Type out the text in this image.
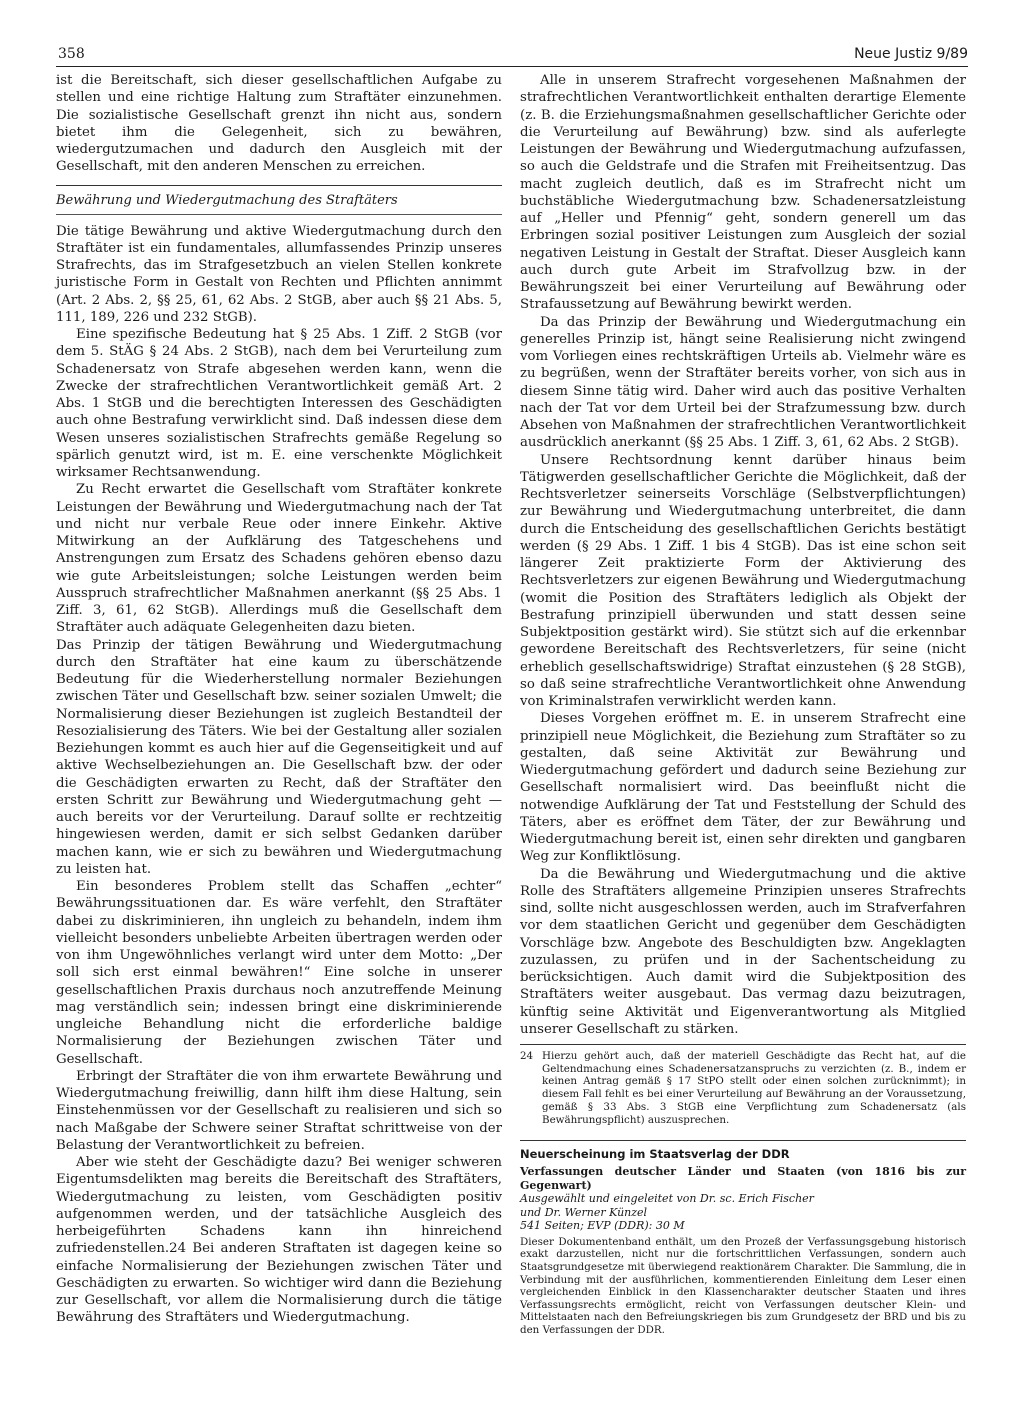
358	Neue Justiz 9/89

ist die Bereitschaft, sich dieser gesellschaftlichen Aufgabe zu stellen und eine richtige Haltung zum Straftäter einzunehmen. Die sozialistische Gesellschaft grenzt ihn nicht aus, sondern bietet ihm die Gelegenheit, sich zu bewähren, wiedergutzumachen und dadurch den Ausgleich mit der Gesellschaft, mit den anderen Menschen zu erreichen.

Bewährung und Wiedergutmachung des Straftäters

Die tätige Bewährung und aktive Wiedergutmachung durch den Straftäter ist ein fundamentales, allumfassendes Prinzip unseres Strafrechts, das im Strafgesetzbuch an vielen Stellen konkrete juristische Form in Gestalt von Rechten und Pflichten annimmt (Art. 2 Abs. 2, §§ 25, 61, 62 Abs. 2 StGB, aber auch §§ 21 Abs. 5, 111, 189, 226 und 232 StGB).

Eine spezifische Bedeutung hat § 25 Abs. 1 Ziff. 2 StGB (vor dem 5. StÄG § 24 Abs. 2 StGB), nach dem bei Verurteilung zum Schadenersatz von Strafe abgesehen werden kann, wenn die Zwecke der strafrechtlichen Verantwortlichkeit gemäß Art. 2 Abs. 1 StGB und die berechtigten Interessen des Geschädigten auch ohne Bestrafung verwirklicht sind. Daß indessen diese dem Wesen unseres sozialistischen Strafrechts gemäße Regelung so spärlich genutzt wird, ist m. E. eine verschenkte Möglichkeit wirksamer Rechtsanwendung.

Zu Recht erwartet die Gesellschaft vom Straftäter konkrete Leistungen der Bewährung und Wiedergutmachung nach der Tat und nicht nur verbale Reue oder innere Einkehr. Aktive Mitwirkung an der Aufklärung des Tatgeschehens und Anstrengungen zum Ersatz des Schadens gehören ebenso dazu wie gute Arbeitsleistungen; solche Leistungen werden beim Ausspruch strafrechtlicher Maßnahmen anerkannt (§§ 25 Abs. 1 Ziff. 3, 61, 62 StGB). Allerdings muß die Gesellschaft dem Straftäter auch adäquate Gelegenheiten dazu bieten.

Das Prinzip der tätigen Bewährung und Wiedergutmachung durch den Straftäter hat eine kaum zu überschätzende Bedeutung für die Wiederherstellung normaler Beziehungen zwischen Täter und Gesellschaft bzw. seiner sozialen Umwelt; die Normalisierung dieser Beziehungen ist zugleich Bestandteil der Resozialisierung des Täters. Wie bei der Gestaltung aller sozialen Beziehungen kommt es auch hier auf die Gegenseitigkeit und auf aktive Wechselbeziehungen an. Die Gesellschaft bzw. der oder die Geschädigten erwarten zu Recht, daß der Straftäter den ersten Schritt zur Bewährung und Wiedergutmachung geht — auch bereits vor der Verurteilung. Darauf sollte er rechtzeitig hingewiesen werden, damit er sich selbst Gedanken darüber machen kann, wie er sich zu bewähren und Wiedergutmachung zu leisten hat.

Ein besonderes Problem stellt das Schaffen „echter“ Bewährungssituationen dar. Es wäre verfehlt, den Straftäter dabei zu diskriminieren, ihn ungleich zu behandeln, indem ihm vielleicht besonders unbeliebte Arbeiten übertragen werden oder von ihm Ungewöhnliches verlangt wird unter dem Motto: „Der soll sich erst einmal bewähren!“ Eine solche in unserer gesellschaftlichen Praxis durchaus noch anzutreffende Meinung mag verständlich sein; indessen bringt eine diskriminierende ungleiche Behandlung nicht die erforderliche baldige Normalisierung der Beziehungen zwischen Täter und Gesellschaft.

Erbringt der Straftäter die von ihm erwartete Bewährung und Wiedergutmachung freiwillig, dann hilft ihm diese Haltung, sein Einstehenmüssen vor der Gesellschaft zu realisieren und sich so nach Maßgabe der Schwere seiner Straftat schrittweise von der Belastung der Verantwortlichkeit zu befreien.

Aber wie steht der Geschädigte dazu? Bei weniger schweren Eigentumsdelikten mag bereits die Bereitschaft des Straftäters, Wiedergutmachung zu leisten, vom Geschädigten positiv aufgenommen werden, und der tatsächliche Ausgleich des herbeigeführten Schadens kann ihn hinreichend zufriedenstellen.24 Bei anderen Straftaten ist dagegen keine so einfache Normalisierung der Beziehungen zwischen Täter und Geschädigten zu erwarten. So wichtiger wird dann die Beziehung zur Gesellschaft, vor allem die Normalisierung durch die tätige Bewährung des Straftäters und Wiedergutmachung.

Alle in unserem Strafrecht vorgesehenen Maßnahmen der strafrechtlichen Verantwortlichkeit enthalten derartige Elemente (z. B. die Erziehungsmaßnahmen gesellschaftlicher Gerichte oder die Verurteilung auf Bewährung) bzw. sind als auferlegte Leistungen der Bewährung und Wiedergutmachung aufzufassen, so auch die Geldstrafe und die Strafen mit Freiheitsentzug. Das macht zugleich deutlich, daß es im Strafrecht nicht um buchstäbliche Wiedergutmachung bzw. Schadenersatzleistung auf „Heller und Pfennig“ geht, sondern generell um das Erbringen sozial positiver Leistungen zum Ausgleich der sozial negativen Leistung in Gestalt der Straftat. Dieser Ausgleich kann auch durch gute Arbeit im Strafvollzug bzw. in der Bewährungszeit bei einer Verurteilung auf Bewährung oder Strafaussetzung auf Bewährung bewirkt werden.

Da das Prinzip der Bewährung und Wiedergutmachung ein generelles Prinzip ist, hängt seine Realisierung nicht zwingend vom Vorliegen eines rechtskräftigen Urteils ab. Vielmehr wäre es zu begrüßen, wenn der Straftäter bereits vorher, von sich aus in diesem Sinne tätig wird. Daher wird auch das positive Verhalten nach der Tat vor dem Urteil bei der Strafzumessung bzw. durch Absehen von Maßnahmen der strafrechtlichen Verantwortlichkeit ausdrücklich anerkannt (§§ 25 Abs. 1 Ziff. 3, 61, 62 Abs. 2 StGB).

Unsere Rechtsordnung kennt darüber hinaus beim Tätigwerden gesellschaftlicher Gerichte die Möglichkeit, daß der Rechtsverletzer seinerseits Vorschläge (Selbstverpflichtungen) zur Bewährung und Wiedergutmachung unterbreitet, die dann durch die Entscheidung des gesellschaftlichen Gerichts bestätigt werden (§ 29 Abs. 1 Ziff. 1 bis 4 StGB). Das ist eine schon seit längerer Zeit praktizierte Form der Aktivierung des Rechtsverletzers zur eigenen Bewährung und Wiedergutmachung (womit die Position des Straftäters lediglich als Objekt der Bestrafung prinzipiell überwunden und statt dessen seine Subjektposition gestärkt wird). Sie stützt sich auf die erkennbar gewordene Bereitschaft des Rechtsverletzers, für seine (nicht erheblich gesellschaftswidrige) Straftat einzustehen (§ 28 StGB), so daß seine strafrechtliche Verantwortlichkeit ohne Anwendung von Kriminalstrafen verwirklicht werden kann.

Dieses Vorgehen eröffnet m. E. in unserem Strafrecht eine prinzipiell neue Möglichkeit, die Beziehung zum Straftäter so zu gestalten, daß seine Aktivität zur Bewährung und Wiedergutmachung gefördert und dadurch seine Beziehung zur Gesellschaft normalisiert wird. Das beeinflußt nicht die notwendige Aufklärung der Tat und Feststellung der Schuld des Täters, aber es eröffnet dem Täter, der zur Bewährung und Wiedergutmachung bereit ist, einen sehr direkten und gangbaren Weg zur Konfliktlösung.

Da die Bewährung und Wiedergutmachung und die aktive Rolle des Straftäters allgemeine Prinzipien unseres Strafrechts sind, sollte nicht ausgeschlossen werden, auch im Strafverfahren vor dem staatlichen Gericht und gegenüber dem Geschädigten Vorschläge bzw. Angebote des Beschuldigten bzw. Angeklagten zuzulassen, zu prüfen und in der Sachentscheidung zu berücksichtigen. Auch damit wird die Subjektposition des Straftäters weiter ausgebaut. Das vermag dazu beizutragen, künftig seine Aktivität und Eigenverantwortung als Mitglied unserer Gesellschaft zu stärken.

24 Hierzu gehört auch, daß der materiell Geschädigte das Recht hat, auf die Geltendmachung eines Schadenersatzanspruchs zu verzichten (z. B., indem er keinen Antrag gemäß § 17 StPO stellt oder einen solchen zurücknimmt); in diesem Fall fehlt es bei einer Verurteilung auf Bewährung an der Voraussetzung, gemäß § 33 Abs. 3 StGB eine Verpflichtung zum Schadenersatz (als Bewährungspflicht) auszusprechen.
Neuerscheinung im Staatsverlag der DDR

Verfassungen deutscher Länder und Staaten (von 1816 bis zur Gegenwart)

Ausgewählt und eingeleitet von Dr. sc. Erich Fischer

und Dr. Werner Künzel

541 Seiten; EVP (DDR): 30 M

Dieser Dokumentenband enthält, um den Prozeß der Verfassungsgebung historisch exakt darzustellen, nicht nur die fortschrittlichen Verfassungen, sondern auch Staatsgrundgesetze mit überwiegend reaktionärem Charakter. Die Sammlung, die in Verbindung mit der ausführlichen, kommentierenden Einleitung dem Leser einen vergleichenden Einblick in den Klassencharakter deutscher Staaten und ihres Verfassungsrechts ermöglicht, reicht von Verfassungen deutscher Klein- und Mittelstaaten nach den Befreiungskriegen bis zum Grundgesetz der BRD und bis zu den Verfassungen der DDR.
